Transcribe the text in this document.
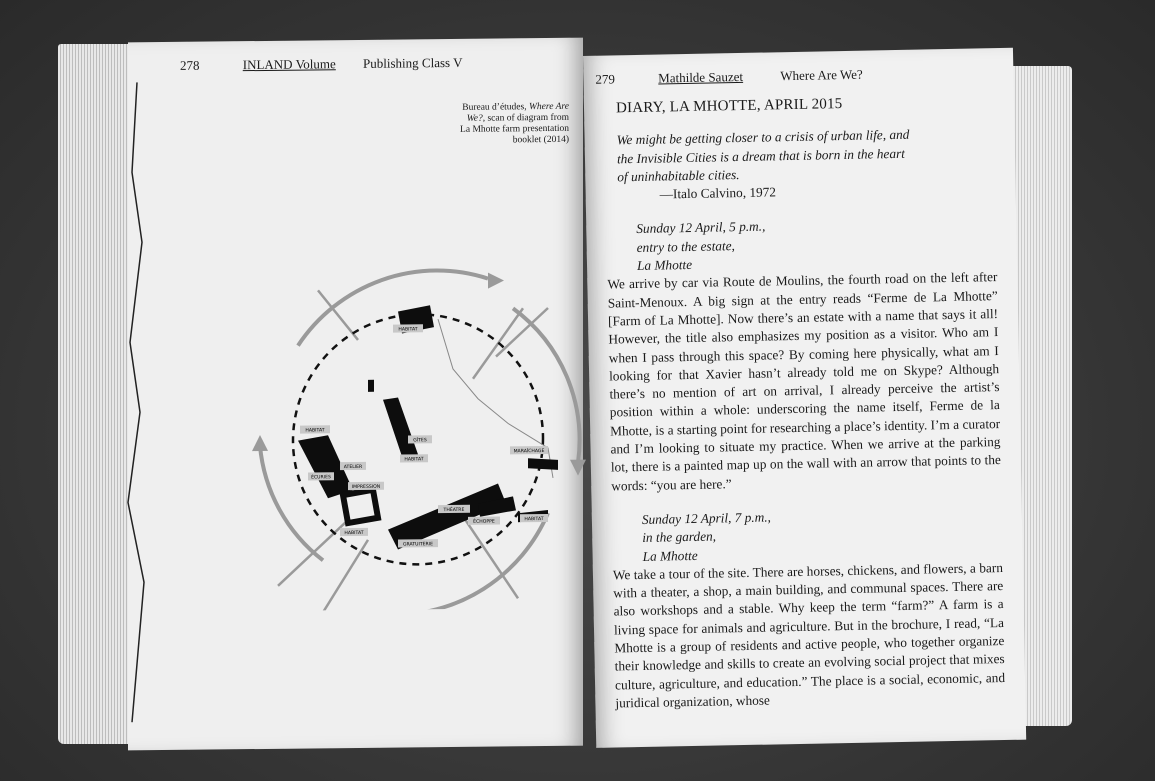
278	INLAND Volume Publishing Class V
Bureau d’études, Where Are We?, scan of diagram from La Mhotte farm presentation booklet (2014)
HABITAT
HABITAT
GÎTES
HABITAT
ÉCURIES
ATELIER
IMPRESSION
THÉATRE
MARAÎCHAGE
ÉCHOPPE	HABITAT
HABITAT
GRATUITERIE
279	Mathilde Sauzet	Where Are We?
DIARY, LA MHOTTE, APRIL 2015
We might be getting closer to a crisis of urban life, and
the Invisible Cities is a dream that is born in the heart
of uninhabitable cities.
—Italo Calvino, 1972
Sunday 12 April, 5 p.m.,
entry to the estate,
La Mhotte
We arrive by car via Route de Moulins, the fourth road on the left after Saint-Menoux. A big sign at the entry reads “Ferme de La Mhotte” [Farm of La Mhotte]. Now there’s an estate with a name that says it all! However, the title also emphasizes my position as a visitor. Who am I when I pass through this space? By coming here physically, what am I looking for that Xavier hasn’t already told me on Skype? Although there’s no mention of art on arrival, I already perceive the artist’s position within a whole: underscoring the name itself, Ferme de la Mhotte, is a starting point for researching a place’s identity. I’m a curator and I’m looking to situate my practice. When we arrive at the parking lot, there is a painted map up on the wall with an arrow that points to the words: “you are here.”
Sunday 12 April, 7 p.m.,
in the garden,
La Mhotte
We take a tour of the site. There are horses, chickens, and flowers, a barn with a theater, a shop, a main building, and communal spaces. There are also workshops and a stable. Why keep the term “farm?” A farm is a living space for animals and agriculture. But in the brochure, I read, “La Mhotte is a group of residents and active people, who together organize their knowledge and skills to create an evolving social project that mixes culture, agriculture, and education.” The place is a social, economic, and juridical organization, whose
